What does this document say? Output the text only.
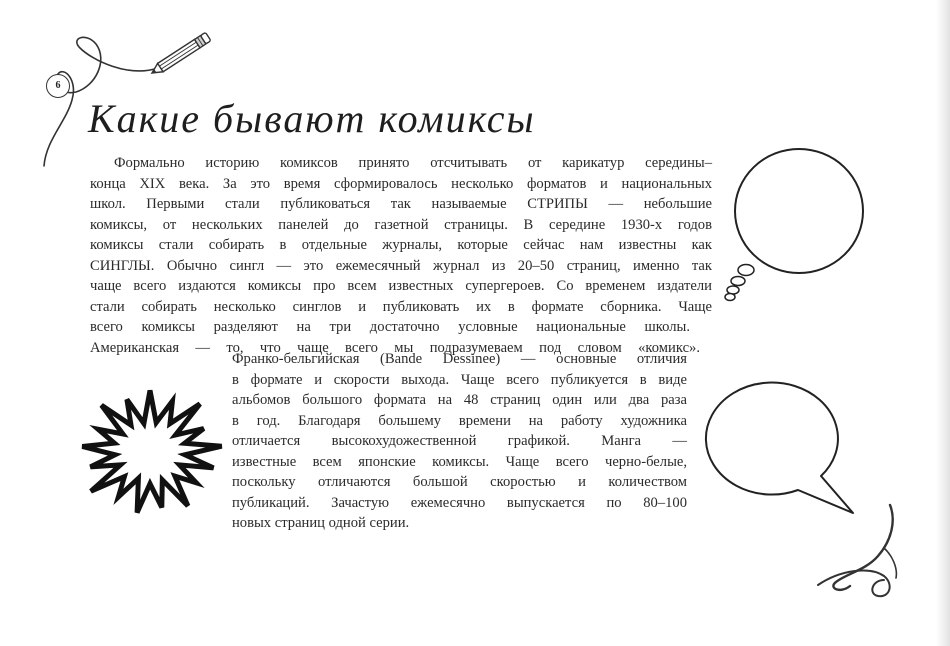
6
Какие бывают комиксы

Формально историю комиксов принято отсчитывать от карикатур середины–
конца XIX века. За это время сформировалось несколько форматов и национальных
школ. Первыми стали публиковаться так называемые СТРИПЫ — небольшие
комиксы, от нескольких панелей до газетной страницы. В середине 1930-х годов
комиксы стали собирать в отдельные журналы, которые сейчас нам известны как
СИНГЛЫ. Обычно сингл — это ежемесячный журнал из 20–50 страниц, именно так
чаще всего издаются комиксы про всем известных супергероев. Со временем издатели
стали собирать несколько синглов и публиковать их в формате сборника. Чаще
всего комиксы разделяют на три достаточно условные национальные школы.
Американская — то, что чаще всего мы подразумеваем под словом «комикс».

Франко-бельгийская (Bande Dessinee) — основные отличия
в формате и скорости выхода. Чаще всего публикуется в виде
альбомов большого формата на 48 страниц один или два раза
в год. Благодаря большему времени на работу художника
отличается высокохудожественной графикой. Манга —
известные всем японские комиксы. Чаще всего черно-белые,
поскольку отличаются большой скоростью и количеством
публикаций. Зачастую ежемесячно выпускается по 80–100
новых страниц одной серии.
